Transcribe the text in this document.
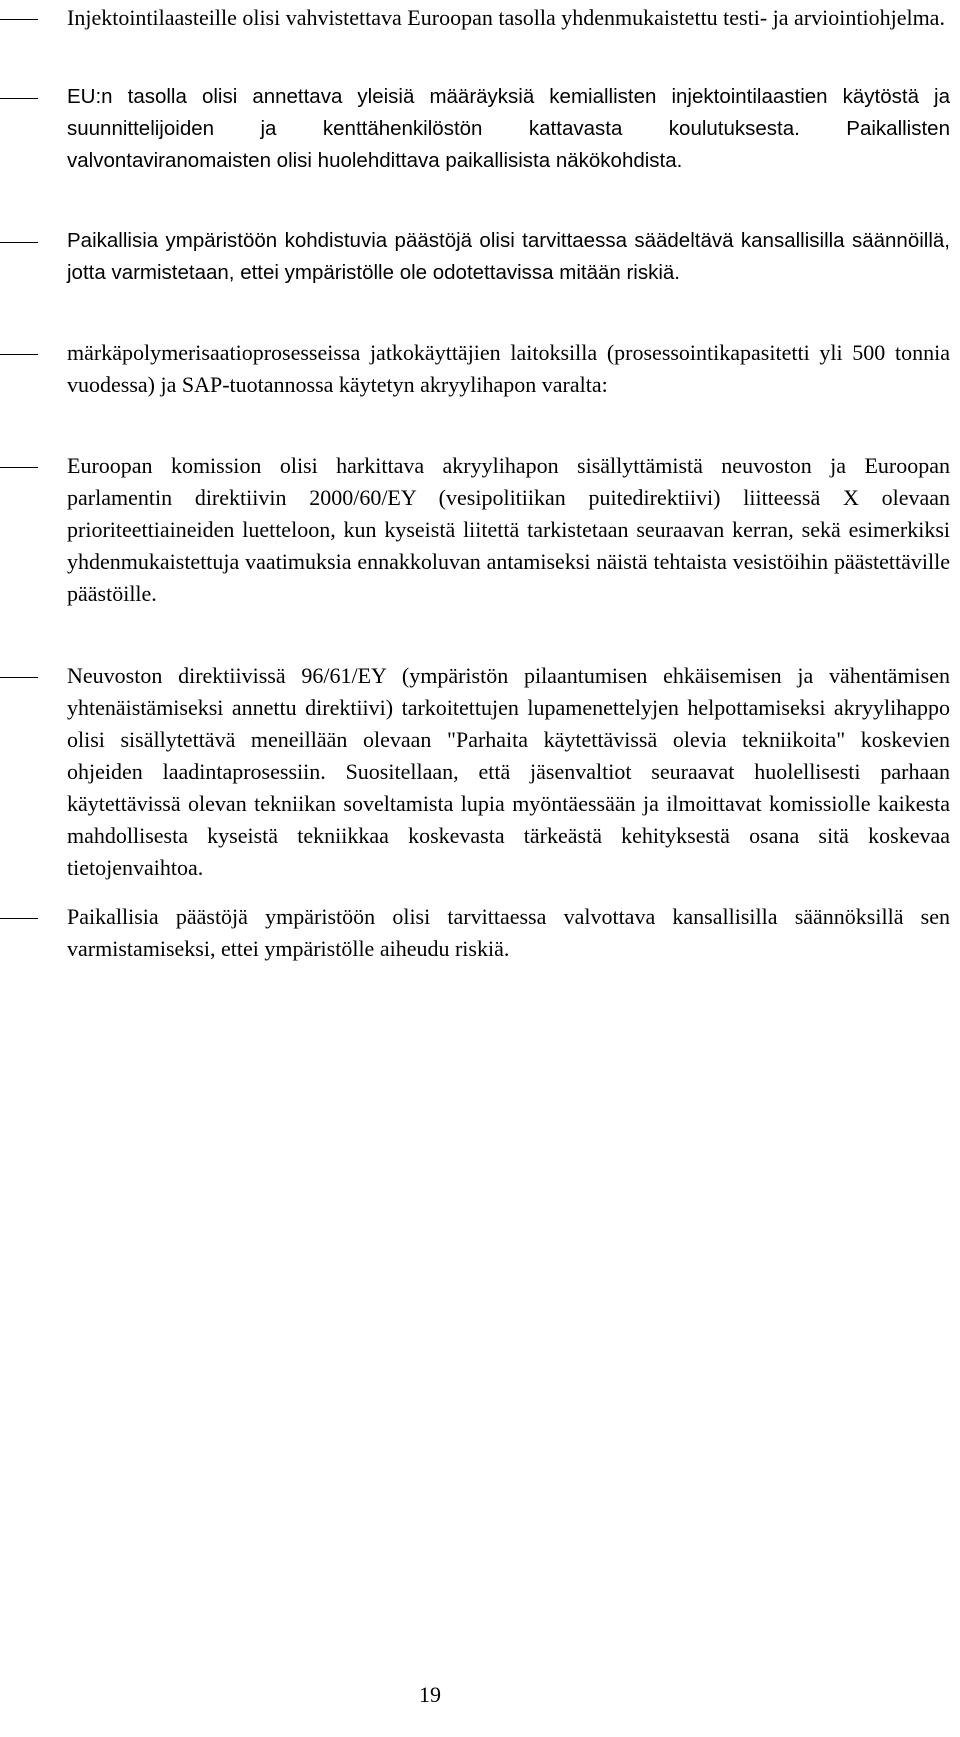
Injektointilaasteille olisi vahvistettava Euroopan tasolla yhdenmukaistettu testi- ja arviointiohjelma.
EU:n tasolla olisi annettava yleisiä määräyksiä kemiallisten injektointilaastien käytöstä ja suunnittelijoiden ja kenttähenkilöstön kattavasta koulutuksesta. Paikallisten valvontaviranomaisten olisi huolehdittava paikallisista näkökohdista.
Paikallisia ympäristöön kohdistuvia päästöjä olisi tarvittaessa säädeltävä kansallisilla säännöillä, jotta varmistetaan, ettei ympäristölle ole odotettavissa mitään riskiä.
märkäpolymerisaatioprosesseissa jatkokäyttäjien laitoksilla (prosessointikapasitetti yli 500 tonnia vuodessa) ja SAP-tuotannossa käytetyn akryylihapon varalta:
Euroopan komission olisi harkittava akryylihapon sisällyttämistä neuvoston ja Euroopan parlamentin direktiivin 2000/60/EY (vesipolitiikan puitedirektiivi) liitteessä X olevaan prioriteettiaineiden luetteloon, kun kyseistä liitettä tarkistetaan seuraavan kerran, sekä esimerkiksi yhdenmukaistettuja vaatimuksia ennakkoluvan antamiseksi näistä tehtaista vesistöihin päästettäville päästöille.
Neuvoston direktiivissä 96/61/EY (ympäristön pilaantumisen ehkäisemisen ja vähentämisen yhtenäistämiseksi annettu direktiivi) tarkoitettujen lupamenettelyjen helpottamiseksi akryylihappo olisi sisällytettävä meneillään olevaan "Parhaita käytettävissä olevia tekniikoita" koskevien ohjeiden laadintaprosessiin. Suositellaan, että jäsenvaltiot seuraavat huolellisesti parhaan käytettävissä olevan tekniikan soveltamista lupia myöntäessään ja ilmoittavat komissiolle kaikesta mahdollisesta kyseistä tekniikkaa koskevasta tärkeästä kehityksestä osana sitä koskevaa tietojenvaihtoa.
Paikallisia päästöjä ympäristöön olisi tarvittaessa valvottava kansallisilla säännöksillä sen varmistamiseksi, ettei ympäristölle aiheudu riskiä.
19
